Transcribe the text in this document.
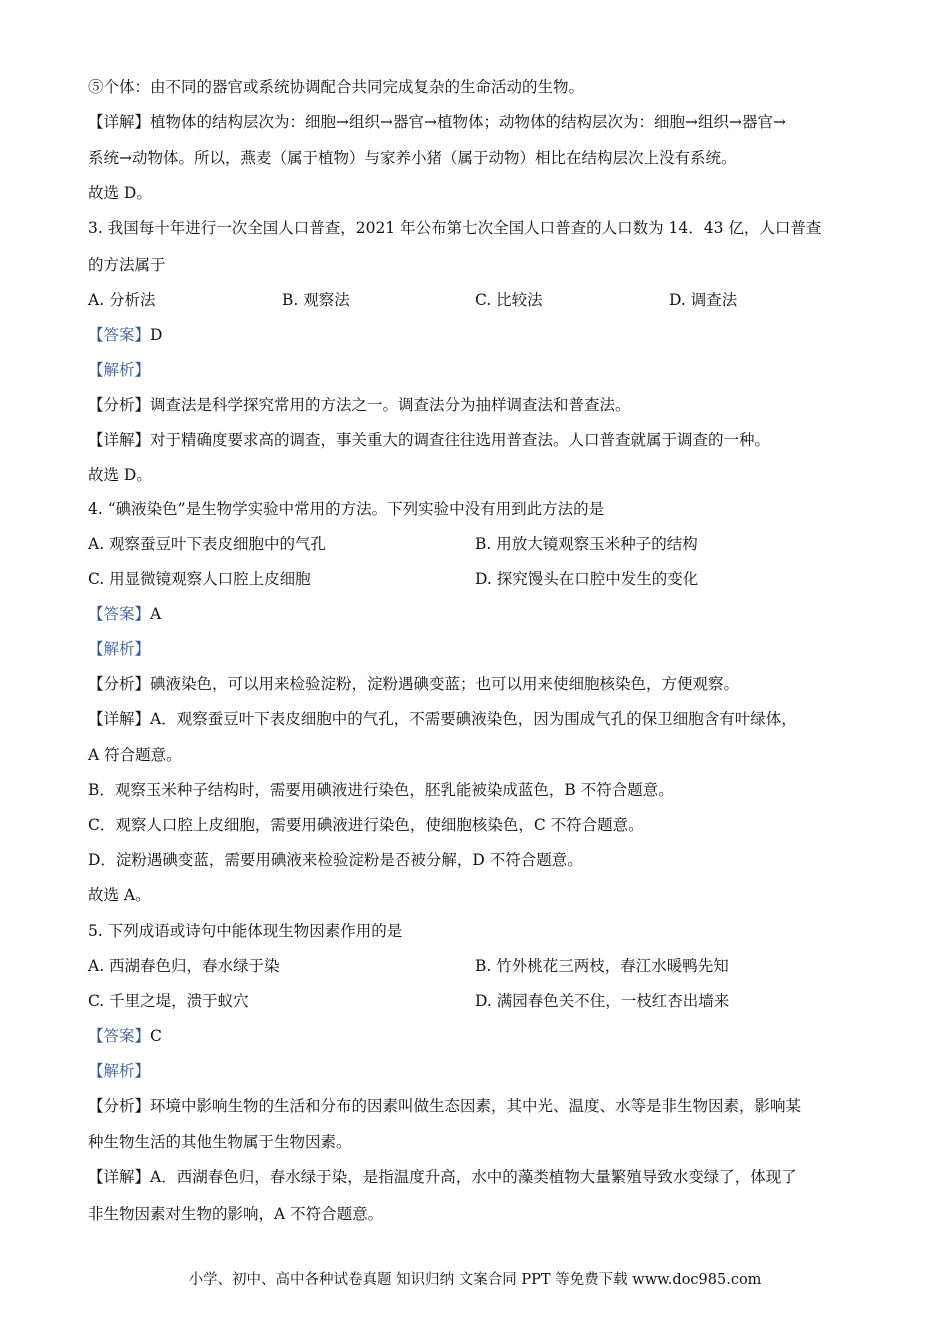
⑤个体：由不同的器官或系统协调配合共同完成复杂的生命活动的生物。
【详解】植物体的结构层次为：细胞→组织→器官→植物体；动物体的结构层次为：细胞→组织→器官→
系统→动物体。所以，燕麦（属于植物）与家养小猪（属于动物）相比在结构层次上没有系统。
故选 D。
3. 我国每十年进行一次全国人口普查，2021 年公布第七次全国人口普查的人口数为 14．43 亿，人口普查
的方法属于
A. 分析法	B. 观察法	C. 比较法	D. 调查法
【答案】D
【解析】
【分析】调查法是科学探究常用的方法之一。调查法分为抽样调查法和普查法。
【详解】对于精确度要求高的调查，事关重大的调查往往选用普查法。人口普查就属于调查的一种。
故选 D。
4. “碘液染色”是生物学实验中常用的方法。下列实验中没有用到此方法的是
A. 观察蚕豆叶下表皮细胞中的气孔	B. 用放大镜观察玉米种子的结构
C. 用显微镜观察人口腔上皮细胞	D. 探究馒头在口腔中发生的变化
【答案】A
【解析】
【分析】碘液染色，可以用来检验淀粉，淀粉遇碘变蓝；也可以用来使细胞核染色，方便观察。
【详解】A．观察蚕豆叶下表皮细胞中的气孔，不需要碘液染色，因为围成气孔的保卫细胞含有叶绿体，
A 符合题意。
B．观察玉米种子结构时，需要用碘液进行染色，胚乳能被染成蓝色，B 不符合题意。
C．观察人口腔上皮细胞，需要用碘液进行染色，使细胞核染色，C 不符合题意。
D．淀粉遇碘变蓝，需要用碘液来检验淀粉是否被分解，D 不符合题意。
故选 A。
5. 下列成语或诗句中能体现生物因素作用的是
A. 西湖春色归，春水绿于染	B. 竹外桃花三两枝，春江水暖鸭先知
C. 千里之堤，溃于蚁穴	D. 满园春色关不住，一枝红杏出墙来
【答案】C
【解析】
【分析】环境中影响生物的生活和分布的因素叫做生态因素，其中光、温度、水等是非生物因素，影响某
种生物生活的其他生物属于生物因素。
【详解】A．西湖春色归，春水绿于染，是指温度升高，水中的藻类植物大量繁殖导致水变绿了，体现了
非生物因素对生物的影响，A 不符合题意。
小学、初中、高中各种试卷真题 知识归纳 文案合同 PPT 等免费下载 www.doc985.com
